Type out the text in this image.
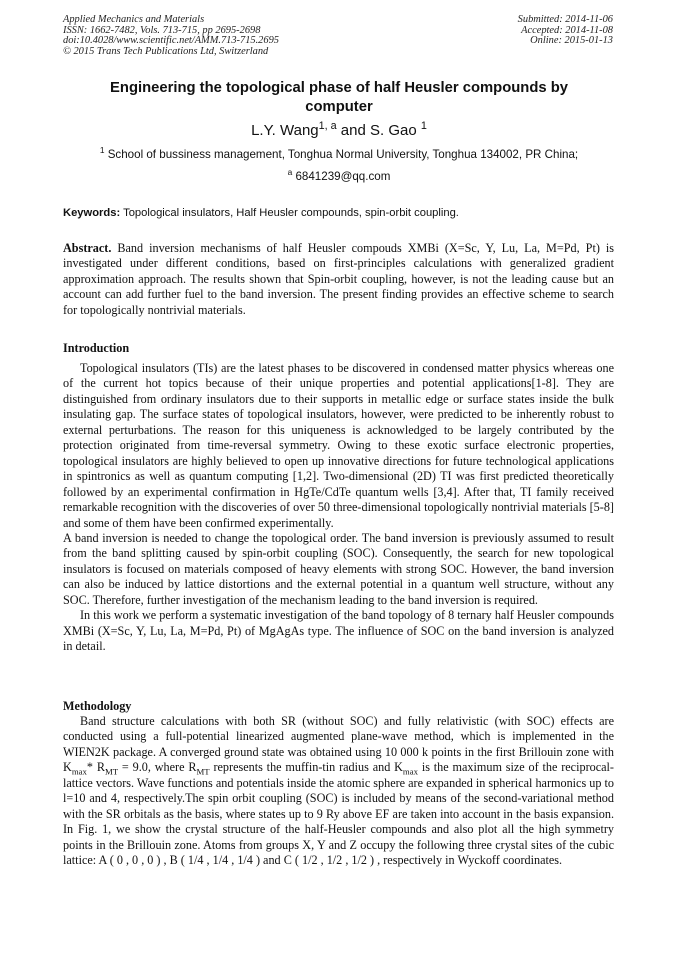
Applied Mechanics and Materials
ISSN: 1662-7482, Vols. 713-715, pp 2695-2698
doi:10.4028/www.scientific.net/AMM.713-715.2695
© 2015 Trans Tech Publications Ltd, Switzerland
Submitted: 2014-11-06
Accepted: 2014-11-08
Online: 2015-01-13
Engineering the topological phase of half Heusler compounds by
computer
L.Y. Wang$^{1, a}$ and S. Gao $^1$
$^1$ School of bussiness management, Tonghua Normal University, Tonghua 134002, PR China;
$^a$ 6841239@qq.com
Keywords: Topological insulators, Half Heusler compounds, spin-orbit coupling.

Abstract. Band inversion mechanisms of half Heusler compouds XMBi (X=Sc, Y, Lu, La, M=Pd, Pt) is investigated under different conditions, based on first-principles calculations with generalized gradient approximation approach. The results shown that Spin-orbit coupling, however, is not the leading cause but an account can add further fuel to the band inversion. The present finding provides an effective scheme to search for topologically nontrivial materials.

Introduction

Topological insulators (TIs) are the latest phases to be discovered in condensed matter physics whereas one of the current hot topics because of their unique properties and potential applications[1-8]. They are distinguished from ordinary insulators due to their supports in metallic edge or surface states inside the bulk insulating gap. The surface states of topological insulators, however, were predicted to be inherently robust to external perturbations. The reason for this uniqueness is acknowledged to be largely contributed by the protection originated from time-reversal symmetry. Owing to these exotic surface electronic properties, topological insulators are highly believed to open up innovative directions for future technological applications in spintronics as well as quantum computing [1,2]. Two-dimensional (2D) TI was first predicted theoretically followed by an experimental confirmation in HgTe/CdTe quantum wells [3,4]. After that, TI family received remarkable recognition with the discoveries of over 50 three-dimensional topologically nontrivial materials [5-8] and some of them have been confirmed experimentally.

A band inversion is needed to change the topological order. The band inversion is previously assumed to result from the band splitting caused by spin-orbit coupling (SOC). Consequently, the search for new topological insulators is focused on materials composed of heavy elements with strong SOC. However, the band inversion can also be induced by lattice distortions and the external potential in a quantum well structure, without any SOC. Therefore, further investigation of the mechanism leading to the band inversion is required.

In this work we perform a systematic investigation of the band topology of 8 ternary half Heusler compounds XMBi (X=Sc, Y, Lu, La, M=Pd, Pt) of MgAgAs type. The influence of SOC on the band inversion is analyzed in detail.

Methodology

Band structure calculations with both SR (without SOC) and fully relativistic (with SOC) effects are conducted using a full-potential linearized augmented plane-wave method, which is implemented in the WIEN2K package. A converged ground state was obtained using 10 000 k points in the first Brillouin zone with $K_{max}*$ $R_{MT} = 9.0$, where $R_{MT}$ represents the muffin-tin radius and $K_{max}$ is the maximum size of the reciprocal-lattice vectors. Wave functions and potentials inside the atomic sphere are expanded in spherical harmonics up to l=10 and 4, respectively.The spin orbit coupling (SOC) is included by means of the second-variational method with the SR orbitals as the basis, where states up to 9 Ry above EF are taken into account in the basis expansion. In Fig. 1, we show the crystal structure of the half-Heusler compounds and also plot all the high symmetry points in the Brillouin zone. Atoms from groups X, Y and Z occupy the following three crystal sites of the cubic lattice: A ( 0 , 0 , 0 ) , B ( 1/4 , 1/4 , 1/4 ) and C ( 1/2 , 1/2 , 1/2 ) , respectively in Wyckoff coordinates.
